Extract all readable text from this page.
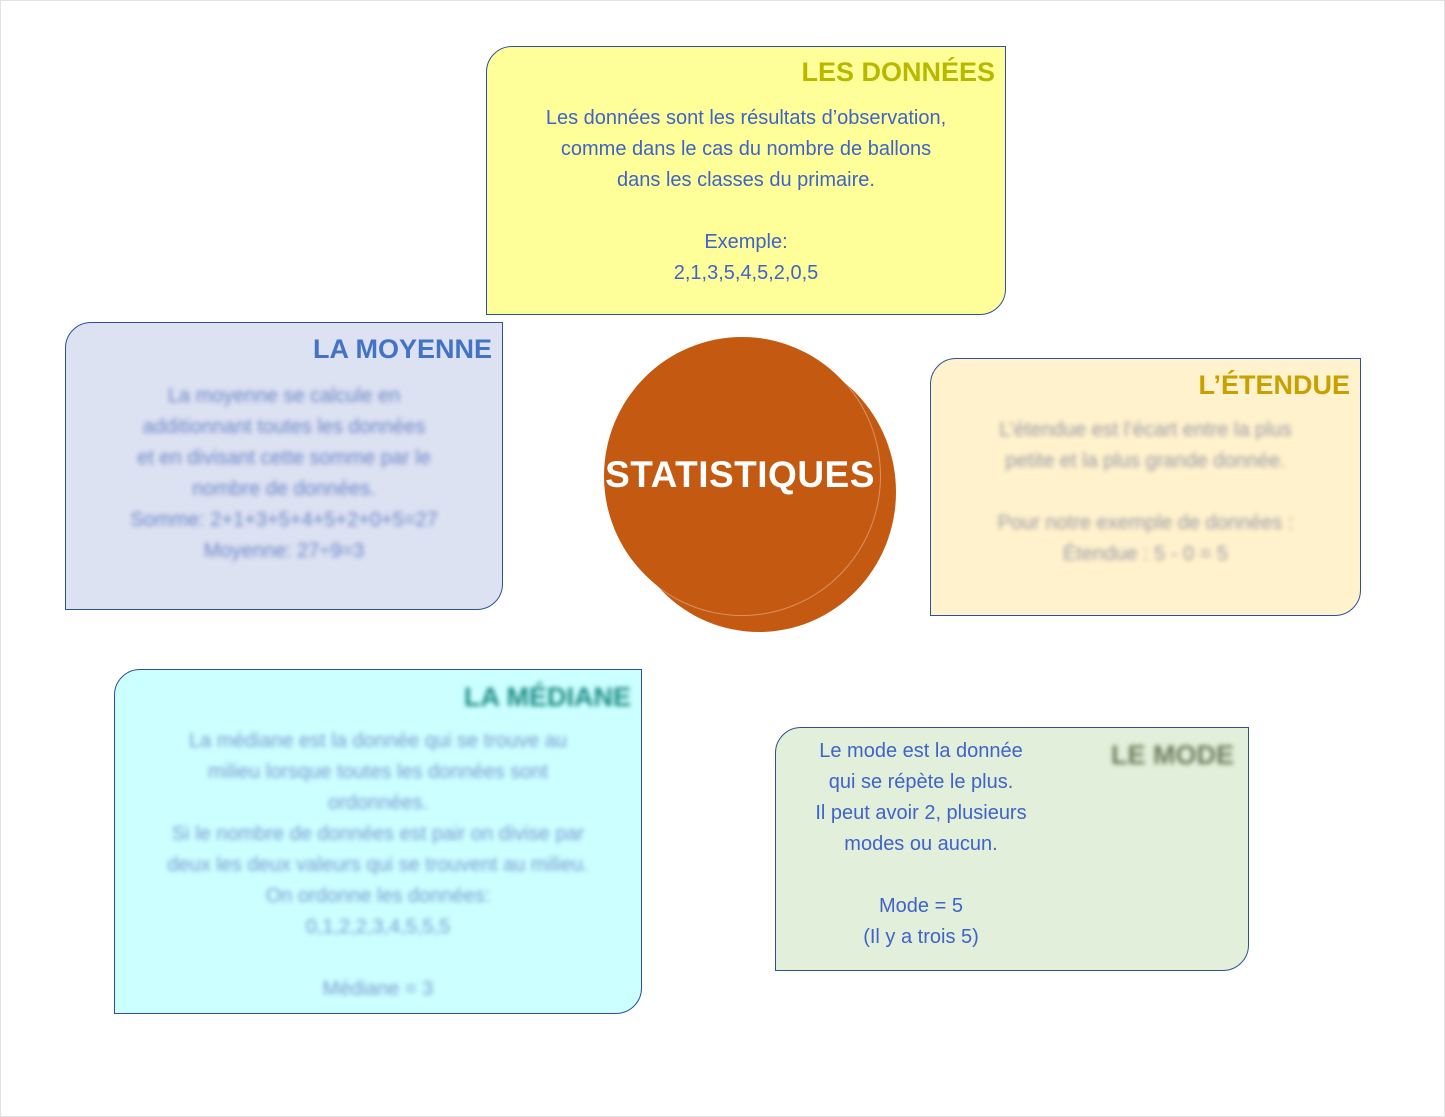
LES DONNÉES
Les données sont les résultats d’observation,
comme dans le cas du nombre de ballons
dans les classes du primaire.

Exemple:
2,1,3,5,4,5,2,0,5
LA MOYENNE
La moyenne se calcule en
additionnant toutes les données
et en divisant cette somme par le
nombre de données.
Somme: 2+1+3+5+4+5+2+0+5=27
Moyenne: 27÷9=3
L’ÉTENDUE
L’étendue est l’écart entre la plus
petite et la plus grande donnée.

Pour notre exemple de données :
Étendue : 5 - 0 = 5
LA MÉDIANE
La médiane est la donnée qui se trouve au
milieu lorsque toutes les données sont
ordonnées.
Si le nombre de données est pair on divise par
deux les deux valeurs qui se trouvent au milieu.
On ordonne les données:
0,1,2,2,3,4,5,5,5

Médiane = 3
LE MODE
Le mode est la donnée
qui se répète le plus.
Il peut avoir 2, plusieurs
modes ou aucun.

Mode = 5
(Il y a trois 5)
STATISTIQUES
